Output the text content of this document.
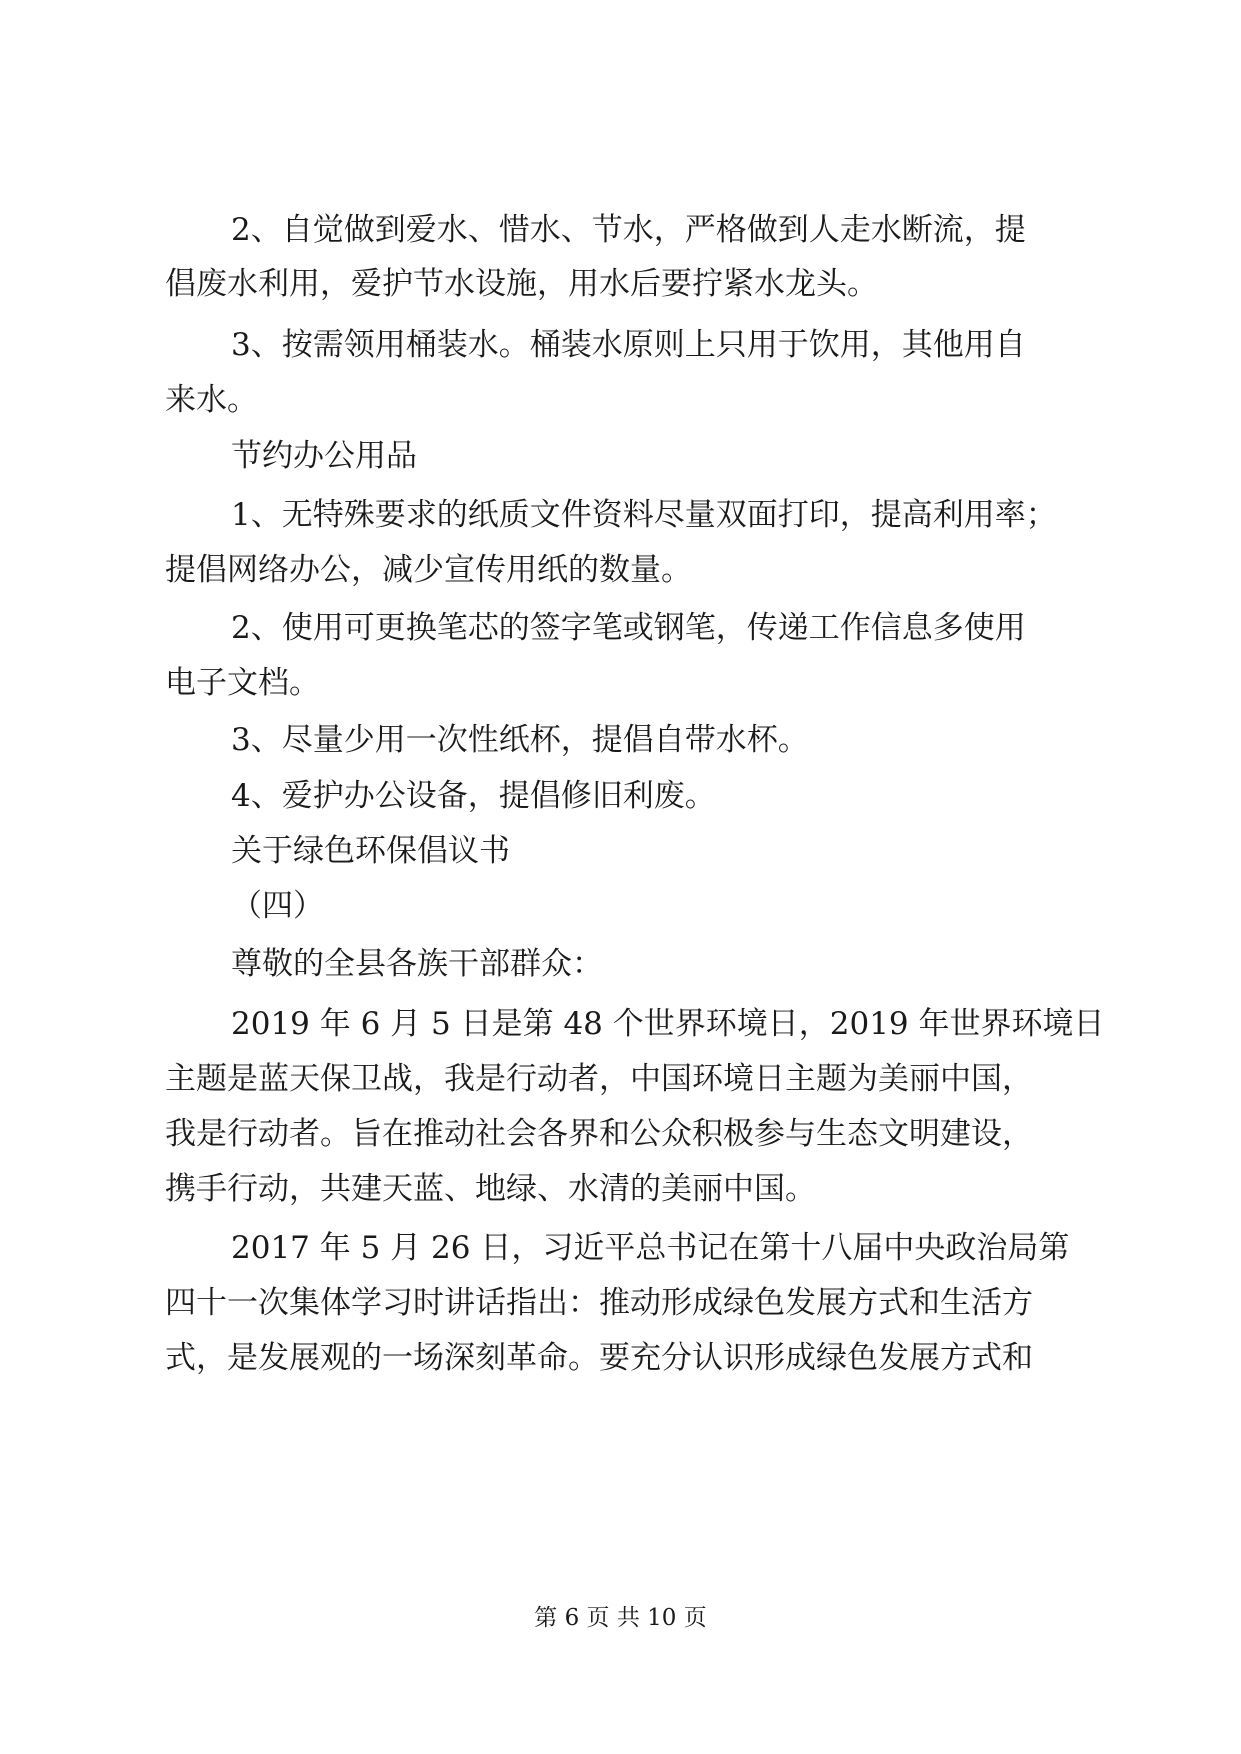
2、自觉做到爱水、惜水、节水，严格做到人走水断流，提
倡废水利用，爱护节水设施，用水后要拧紧水龙头。
3、按需领用桶装水。桶装水原则上只用于饮用，其他用自
来水。
节约办公用品
1、无特殊要求的纸质文件资料尽量双面打印，提高利用率；
提倡网络办公，减少宣传用纸的数量。
2、使用可更换笔芯的签字笔或钢笔，传递工作信息多使用
电子文档。
3、尽量少用一次性纸杯，提倡自带水杯。
4、爱护办公设备，提倡修旧利废。
关于绿色环保倡议书
（四）
尊敬的全县各族干部群众：
2019 年 6 月 5 日是第 48 个世界环境日，2019 年世界环境日
主题是蓝天保卫战，我是行动者，中国环境日主题为美丽中国，
我是行动者。旨在推动社会各界和公众积极参与生态文明建设，
携手行动，共建天蓝、地绿、水清的美丽中国。
2017 年 5 月 26 日，习近平总书记在第十八届中央政治局第
四十一次集体学习时讲话指出：推动形成绿色发展方式和生活方
式，是发展观的一场深刻革命。要充分认识形成绿色发展方式和
第 6 页 共 10 页
